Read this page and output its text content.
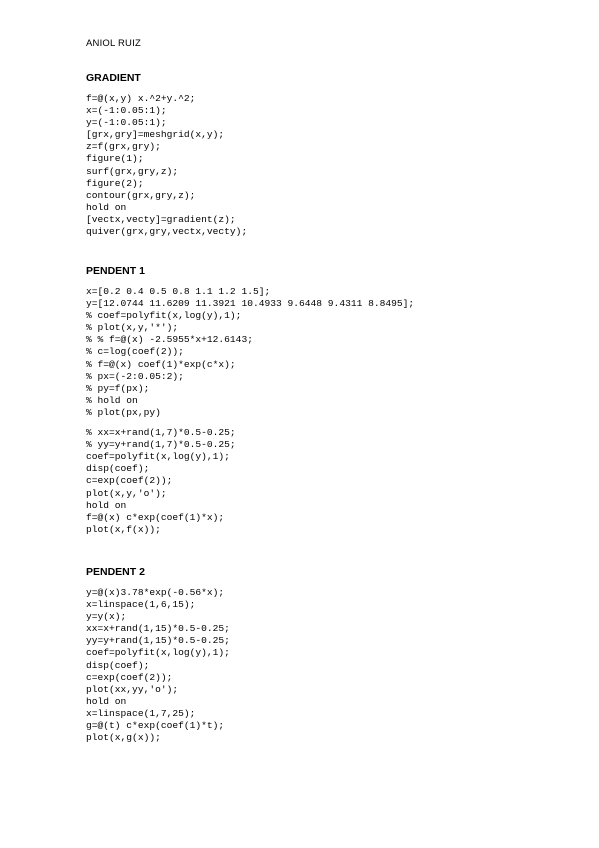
ANIOL RUIZ
GRADIENT
f=@(x,y) x.^2+y.^2;
x=(-1:0.05:1);
y=(-1:0.05:1);
[grx,gry]=meshgrid(x,y);
z=f(grx,gry);
figure(1);
surf(grx,gry,z);
figure(2);
contour(grx,gry,z);
hold on
[vectx,vecty]=gradient(z);
quiver(grx,gry,vectx,vecty);
PENDENT 1
x=[0.2 0.4 0.5 0.8 1.1 1.2 1.5];
y=[12.0744 11.6209 11.3921 10.4933 9.6448 9.4311 8.8495];
% coef=polyfit(x,log(y),1);
% plot(x,y,'*');
% % f=@(x) -2.5955*x+12.6143;
% c=log(coef(2));
% f=@(x) coef(1)*exp(c*x);
% px=(-2:0.05:2);
% py=f(px);
% hold on
% plot(px,py)
% xx=x+rand(1,7)*0.5-0.25;
% yy=y+rand(1,7)*0.5-0.25;
coef=polyfit(x,log(y),1);
disp(coef);
c=exp(coef(2));
plot(x,y,'o');
hold on
f=@(x) c*exp(coef(1)*x);
plot(x,f(x));
PENDENT 2
y=@(x)3.78*exp(-0.56*x);
x=linspace(1,6,15);
y=y(x);
xx=x+rand(1,15)*0.5-0.25;
yy=y+rand(1,15)*0.5-0.25;
coef=polyfit(x,log(y),1);
disp(coef);
c=exp(coef(2));
plot(xx,yy,'o');
hold on
x=linspace(1,7,25);
g=@(t) c*exp(coef(1)*t);
plot(x,g(x));
